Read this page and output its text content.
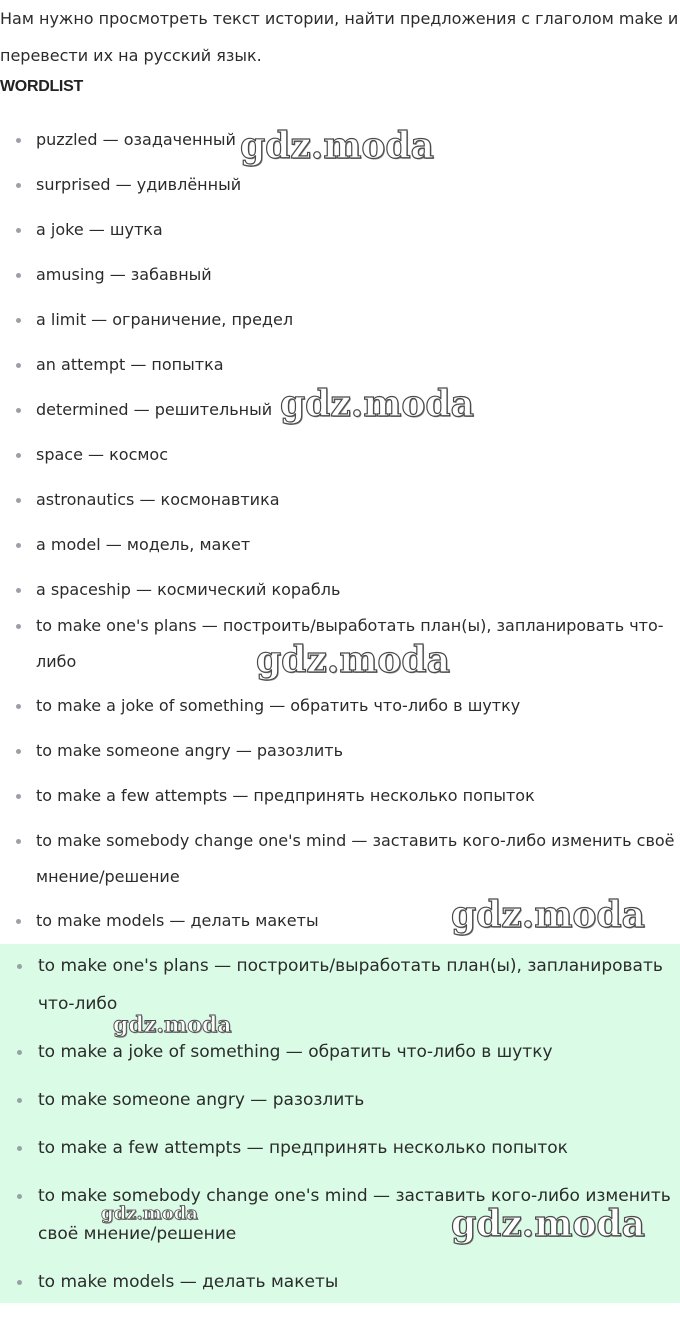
Нам нужно просмотреть текст истории, найти предложения с глаголом make и
перевести их на русский язык.
WORDLIST
puzzled — озадаченный
surprised — удивлённый
a joke — шутка
amusing — забавный
a limit — ограничение, предел
an attempt — попытка
determined — решительный
space — космос
astronautics — космонавтика
a model — модель, макет
a spaceship — космический корабль
to make one's plans — построить/выработать план(ы), запланировать что-либо
to make a joke of something — обратить что-либо в шутку
to make someone angry — разозлить
to make a few attempts — предпринять несколько попыток
to make somebody change one's mind — заставить кого-либо изменить своё мнение/решение
to make models — делать макеты
to make one's plans — построить/выработать план(ы), запланировать что-либо
to make a joke of something — обратить что-либо в шутку
to make someone angry — разозлить
to make a few attempts — предпринять несколько попыток
to make somebody change one's mind — заставить кого-либо изменить своё мнение/решение
to make models — делать макеты
gdz.moda
gdz.moda
gdz.moda
gdz.moda
gdz.moda
gdz.moda	gdz.moda
